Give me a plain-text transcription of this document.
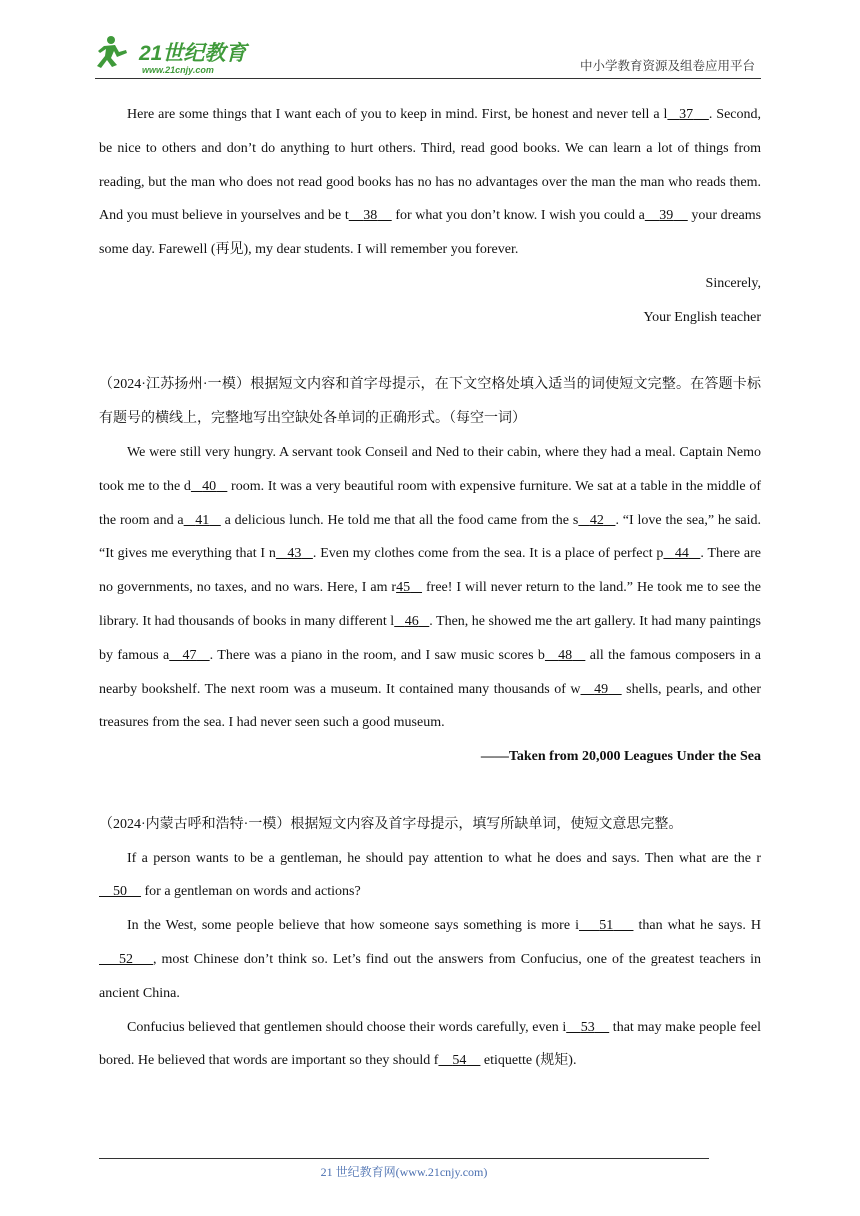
21世纪教育
www.21cnjy.com	中小学教育资源及组卷应用平台

Here are some things that I want each of you to keep in mind. First, be honest and never tell a l 37 . Second, be nice to others and don’t do anything to hurt others. Third, read good books. We can learn a lot of things from reading, but the man who does not read good books has no has no advantages over the man the man who reads them. And you must believe in yourselves and be t 38     for what you don’t know. I wish you could a 39     your dreams some day. Farewell (再见), my dear students. I will remember you forever.

Sincerely,

Your English teacher

（2024·江苏扬州·一模）根据短文内容和首字母提示，在下文空格处填入适当的词使短文完整。在答题卡标有题号的横线上，完整地写出空缺处各单词的正确形式。（每空一词）

We were still very hungry. A servant took Conseil and Ned to their cabin, where they had a meal. Captain Nemo took me to the d 40    room. It was a very beautiful room with expensive furniture. We sat at a table in the middle of the room and a 41    a delicious lunch. He told me that all the food came from the s 42 . “I love the sea,” he said. “It gives me everything that I n 43 . Even my clothes come from the sea. It is a place of perfect p 44 . There are no governments, no taxes, and no wars. Here, I am r45    free! I will never return to the land.” He took me to see the library. It had thousands of books in many different l 46 . Then, he showed me the art gallery. It had many paintings by famous a 47 . There was a piano in the room, and I saw music scores b 48    all the famous composers in a nearby bookshelf. The next room was a museum. It contained many thousands of w 49    shells, pearls, and other treasures from the sea. I had never seen such a good museum.

——Taken from 20,000 Leagues Under the Sea

（2024·内蒙古呼和浩特·一模）根据短文内容及首字母提示，填写所缺单词，使短文意思完整。

If a person wants to be a gentleman, he should pay attention to what he does and says. Then what are the r    50     for a gentleman on words and actions?

In the West, some people believe that how someone says something is more i 51     than what he says. H    52 , most Chinese don’t think so. Let’s find out the answers from Confucius, one of the greatest teachers in ancient China.

Confucius believed that gentlemen should choose their words carefully, even i 53     that may make people feel bored. He believed that words are important so they should f 54     etiquette (规矩).

21 世纪教育网(www.21cnjy.com)
